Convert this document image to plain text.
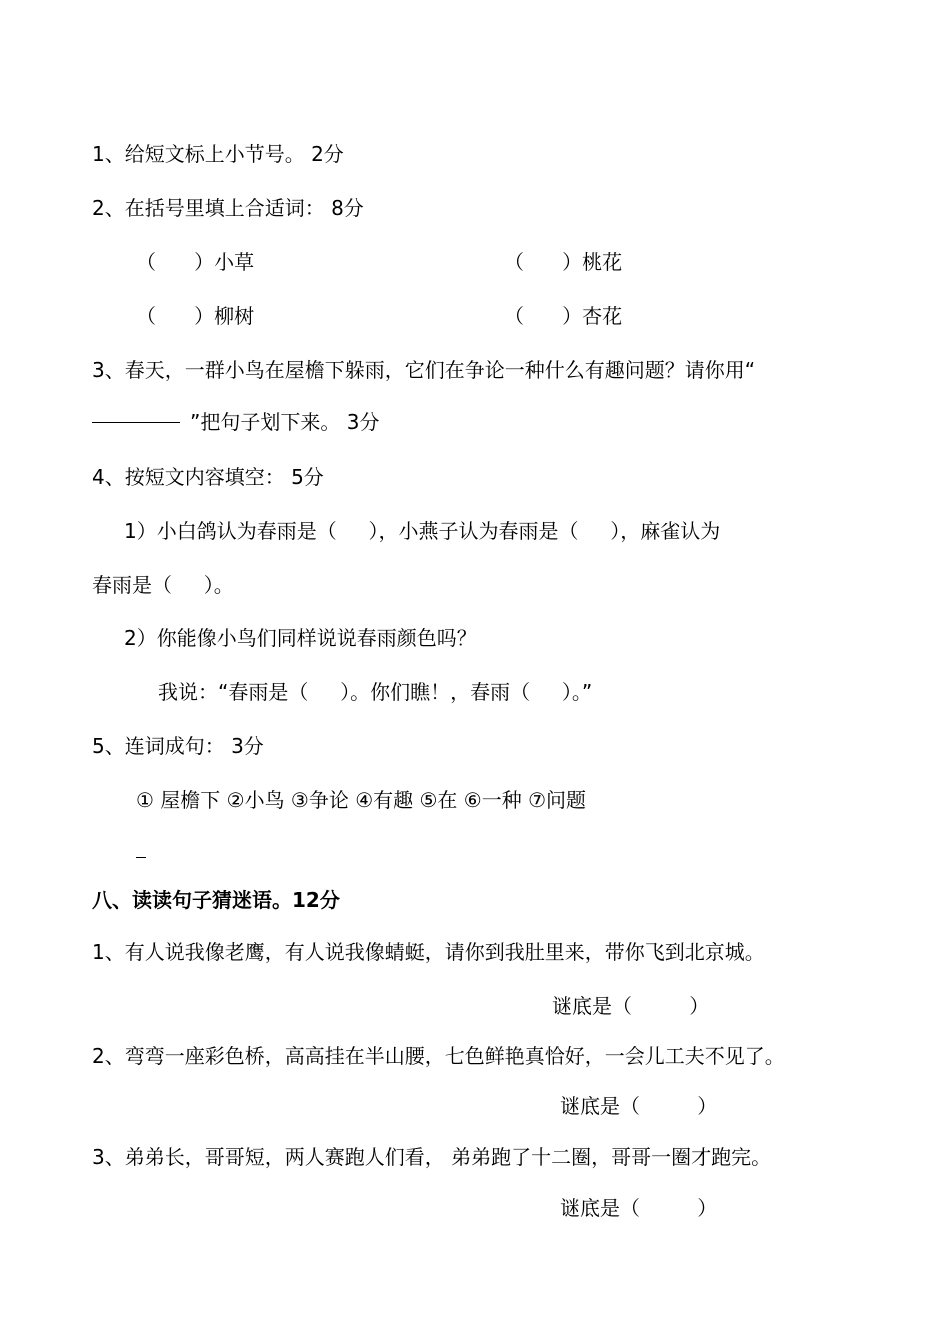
1、给短文标上小节号。 2分
2、在括号里填上合适词： 8分
（      ）小草	（      ）桃花
（      ）柳树	（      ）杏花
3、春天，一群小鸟在屋檐下躲雨，它们在争论一种什么有趣问题？请你用“
”把句子划下来。 3分
4、按短文内容填空： 5分
1）小白鸽认为春雨是（     ），小燕子认为春雨是（     ），麻雀认为
春雨是（     ）。
2）你能像小鸟们同样说说春雨颜色吗？
我说：“春雨是（     ）。你们瞧！，春雨（     ）。”
5、连词成句： 3分
① 屋檐下 ②小鸟 ③争论 ④有趣 ⑤在 ⑥一种 ⑦问题
八、读读句子猜迷语。12分
1、有人说我像老鹰，有人说我像蜻蜓，请你到我肚里来，带你飞到北京城。
谜底是（         ）
2、弯弯一座彩色桥，高高挂在半山腰，七色鲜艳真恰好，一会儿工夫不见了。
谜底是（         ）
3、弟弟长，哥哥短，两人赛跑人们看， 弟弟跑了十二圈，哥哥一圈才跑完。
谜底是（         ）
